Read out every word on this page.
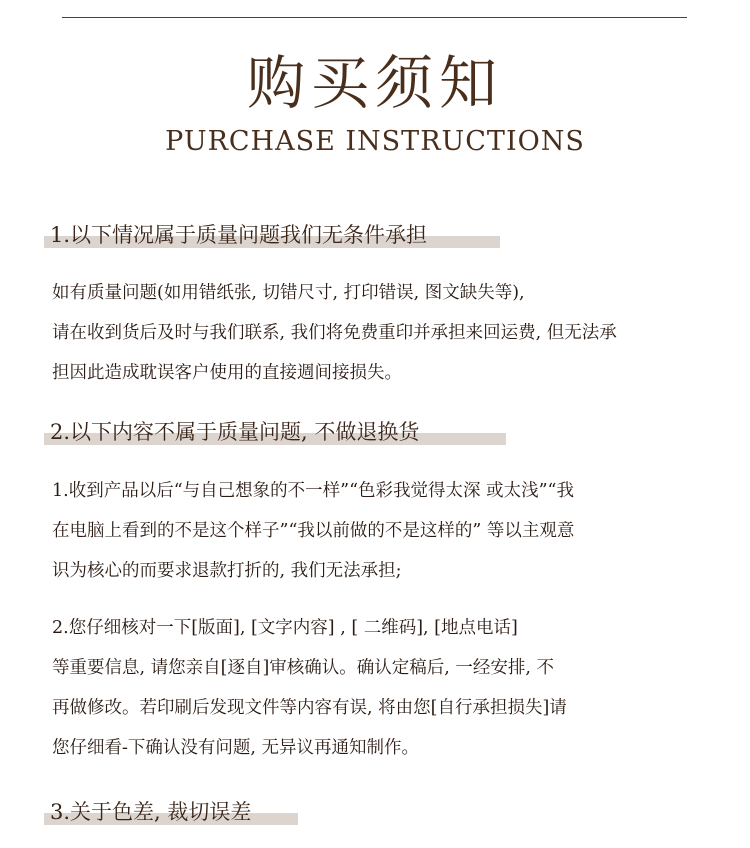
购买须知
PURCHASE INSTRUCTIONS
1.以下情况属于质量问题我们无条件承担
如有质量问题(如用错纸张, 切错尺寸, 打印错误, 图文缺失等),
请在收到货后及时与我们联系, 我们将免费重印并承担来回运费, 但无法承
担因此造成耽误客户使用的直接週间接损失。
2.以下内容不属于质量问题, 不做退换货
1.收到产品以后“与自己想象的不一样”“色彩我觉得太深 或太浅”“我
在电脑上看到的不是这个样子”“我以前做的不是这样的” 等以主观意
识为核心的而要求退款打折的, 我们无法承担;
2.您仔细核对一下[版面], [文字内容] , [ 二维码], [地点电话]
等重要信息, 请您亲自[逐自]审核确认。确认定稿后, 一经安排, 不
再做修改。若印刷后发现文件等内容有误, 将由您[自行承担损失]请
您仔细看-下确认没有问题, 无异议再通知制作。
3.关于色差, 裁切误差
